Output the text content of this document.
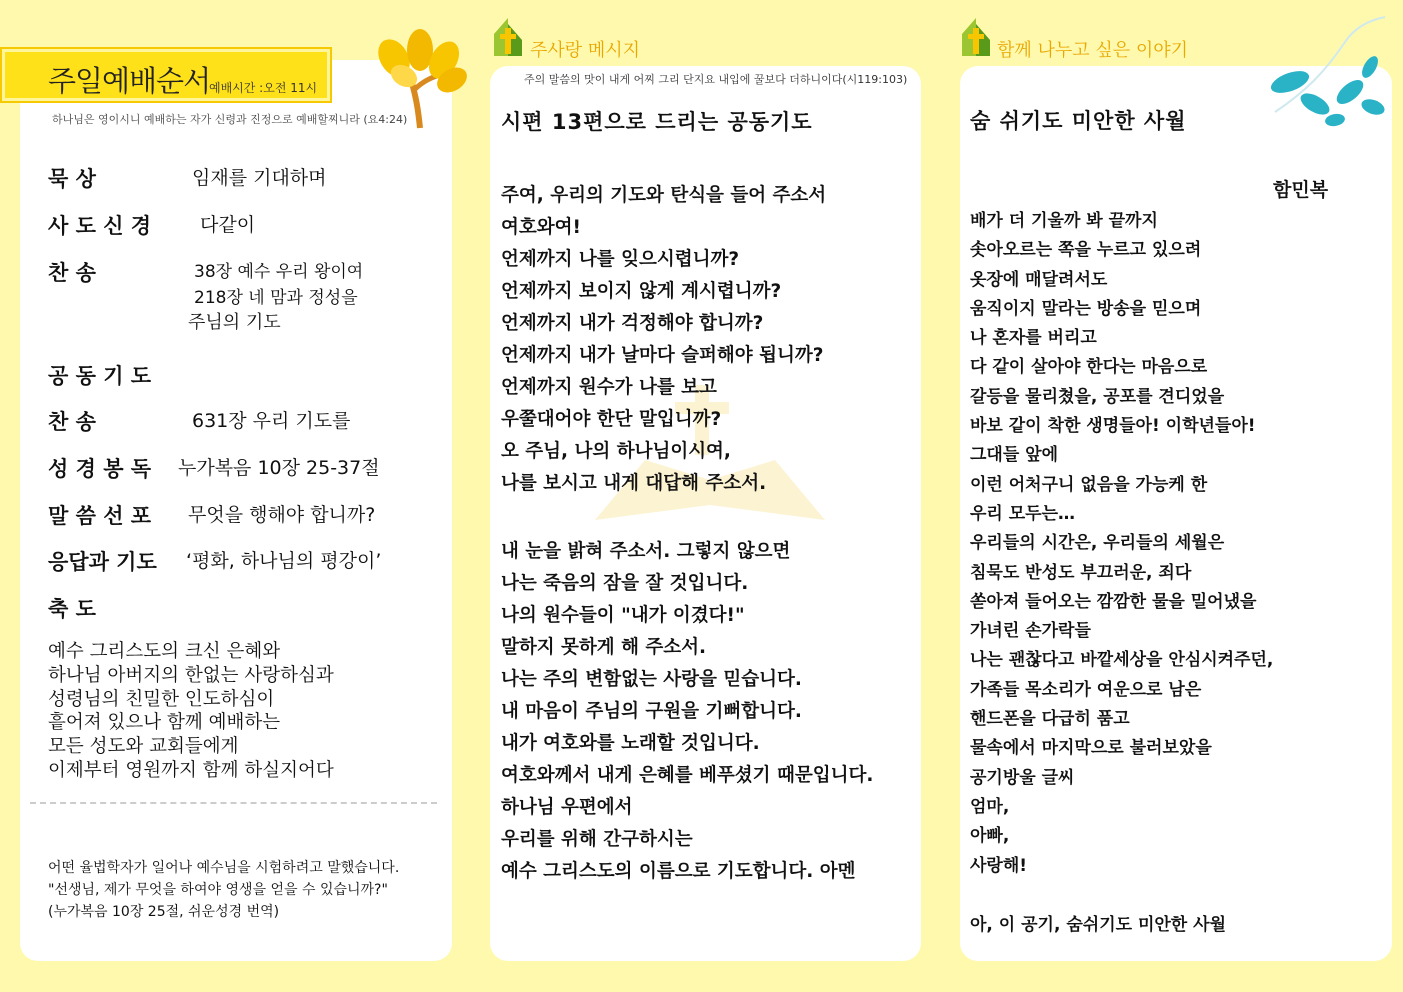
주일예배순서
예배시간 :오전 11시
하나님은 영이시니 예배하는 자가 신령과 진정으로 예배할찌니라 (요4:24)
묵 상	임재를 기대하며
사 도 신 경	다같이
찬 송	38장 예수 우리 왕이여
218장 네 맘과 정성을
주님의 기도
공 동 기 도
찬 송	631장 우리 기도를
성 경 봉 독 누가복음 10장 25-37절
말 씀 선 포 무엇을 행해야 합니까?
응답과 기도 ‘평화, 하나님의 평강이’
축 도
예수 그리스도의 크신 은혜와
하나님 아버지의 한없는 사랑하심과
성령님의 친밀한 인도하심이
흩어져 있으나 함께 예배하는
모든 성도와 교회들에게
이제부터 영원까지 함께 하실지어다
어떤 율법학자가 일어나 예수님을 시험하려고 말했습니다.
"선생님, 제가 무엇을 하여야 영생을 얻을 수 있습니까?"
(누가복음 10장 25절, 쉬운성경 번역)
주사랑 메시지
주의 말씀의 맛이 내게 어찌 그리 단지요 내입에 꿀보다 더하니이다(시119:103)
시편 13편으로 드리는 공동기도
주여, 우리의 기도와 탄식을 들어 주소서
여호와여!
언제까지 나를 잊으시렵니까?
언제까지 보이지 않게 계시렵니까?
언제까지 내가 걱정해야 합니까?
언제까지 내가 날마다 슬퍼해야 됩니까?
언제까지 원수가 나를 보고
우쭐대어야 한단 말입니까?
오 주님, 나의 하나님이시여,
나를 보시고 내게 대답해 주소서.
내 눈을 밝혀 주소서. 그렇지 않으면
나는 죽음의 잠을 잘 것입니다.
나의 원수들이 "내가 이겼다!"
말하지 못하게 해 주소서.
나는 주의 변함없는 사랑을 믿습니다.
내 마음이 주님의 구원을 기뻐합니다.
내가 여호와를 노래할 것입니다.
여호와께서 내게 은혜를 베푸셨기 때문입니다.
하나님 우편에서
우리를 위해 간구하시는
예수 그리스도의 이름으로 기도합니다. 아멘
함께 나누고 싶은 이야기
숨 쉬기도 미안한 사월
함민복
배가 더 기울까 봐 끝까지
솟아오르는 쪽을 누르고 있으려
옷장에 매달려서도
움직이지 말라는 방송을 믿으며
나 혼자를 버리고
다 같이 살아야 한다는 마음으로
갈등을 물리쳤을, 공포를 견디었을
바보 같이 착한 생명들아! 이학년들아!
그대들 앞에
이런 어처구니 없음을 가능케 한
우리 모두는…
우리들의 시간은, 우리들의 세월은
침묵도 반성도 부끄러운, 죄다
쏟아져 들어오는 깜깜한 물을 밀어냈을
가녀린 손가락들
나는 괜찮다고 바깥세상을 안심시켜주던,
가족들 목소리가 여운으로 남은
핸드폰을 다급히 품고
물속에서 마지막으로 불러보았을
공기방울 글씨
엄마,
아빠,
사랑해!
아, 이 공기, 숨쉬기도 미안한 사월
